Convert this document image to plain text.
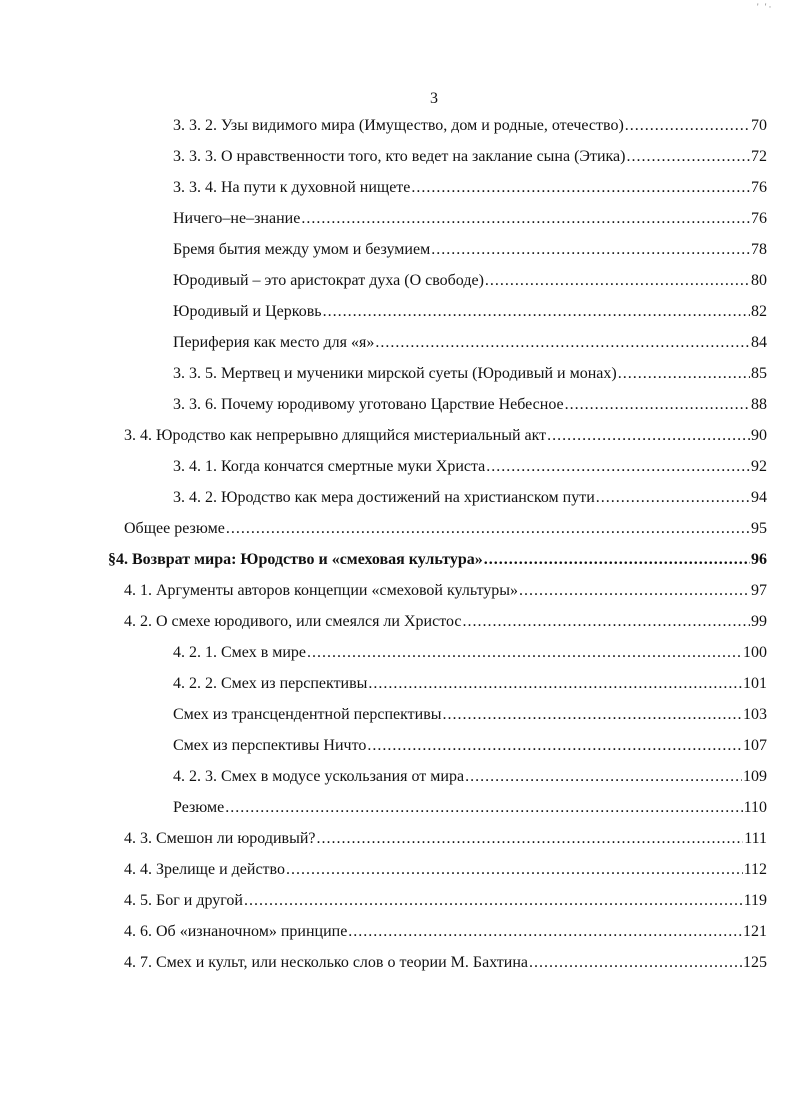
' '·
3
3. 3. 2. Узы видимого мира (Имущество, дом и родные, отечество) .....	70
3. 3. 3. О нравственности того, кто ведет на заклание сына (Этика) .....	72
3. 3. 4. На пути к духовной нищете .....	76
Ничего–не–знание .....	76
Бремя бытия между умом и безумием .....	78
Юродивый – это аристократ духа (О свободе) .....	80
Юродивый и Церковь .....	82
Периферия как место для «я» .....	84
3. 3. 5. Мертвец и мученики мирской суеты (Юродивый и монах) .....	85
3. 3. 6. Почему юродивому уготовано Царствие Небесное .....	88
3. 4. Юродство как непрерывно длящийся мистериальный акт .....	90
3. 4. 1. Когда кончатся смертные муки Христа .....	92
3. 4. 2. Юродство как мера достижений на христианском пути .....	94
Общее резюме .....	95
§4. Возврат мира: Юродство и «смеховая культура» .....	96
4. 1. Аргументы авторов концепции «смеховой культуры» .....	97
4. 2. О смехе юродивого, или смеялся ли Христос .....	99
4. 2. 1. Смех в мире .....	100
4. 2. 2. Смех из перспективы .....	101
Смех из трансцендентной перспективы .....	103
Смех из перспективы Ничто .....	107
4. 2. 3. Смех в модусе ускользания от мира .....	109
Резюме .....	110
4. 3. Смешон ли юродивый? .....	111
4. 4. Зрелище и действо .....	112
4. 5. Бог и другой .....	119
4. 6. Об «изнаночном» принципе .....	121
4. 7. Смех и культ, или несколько слов о теории М. Бахтина .....	125
